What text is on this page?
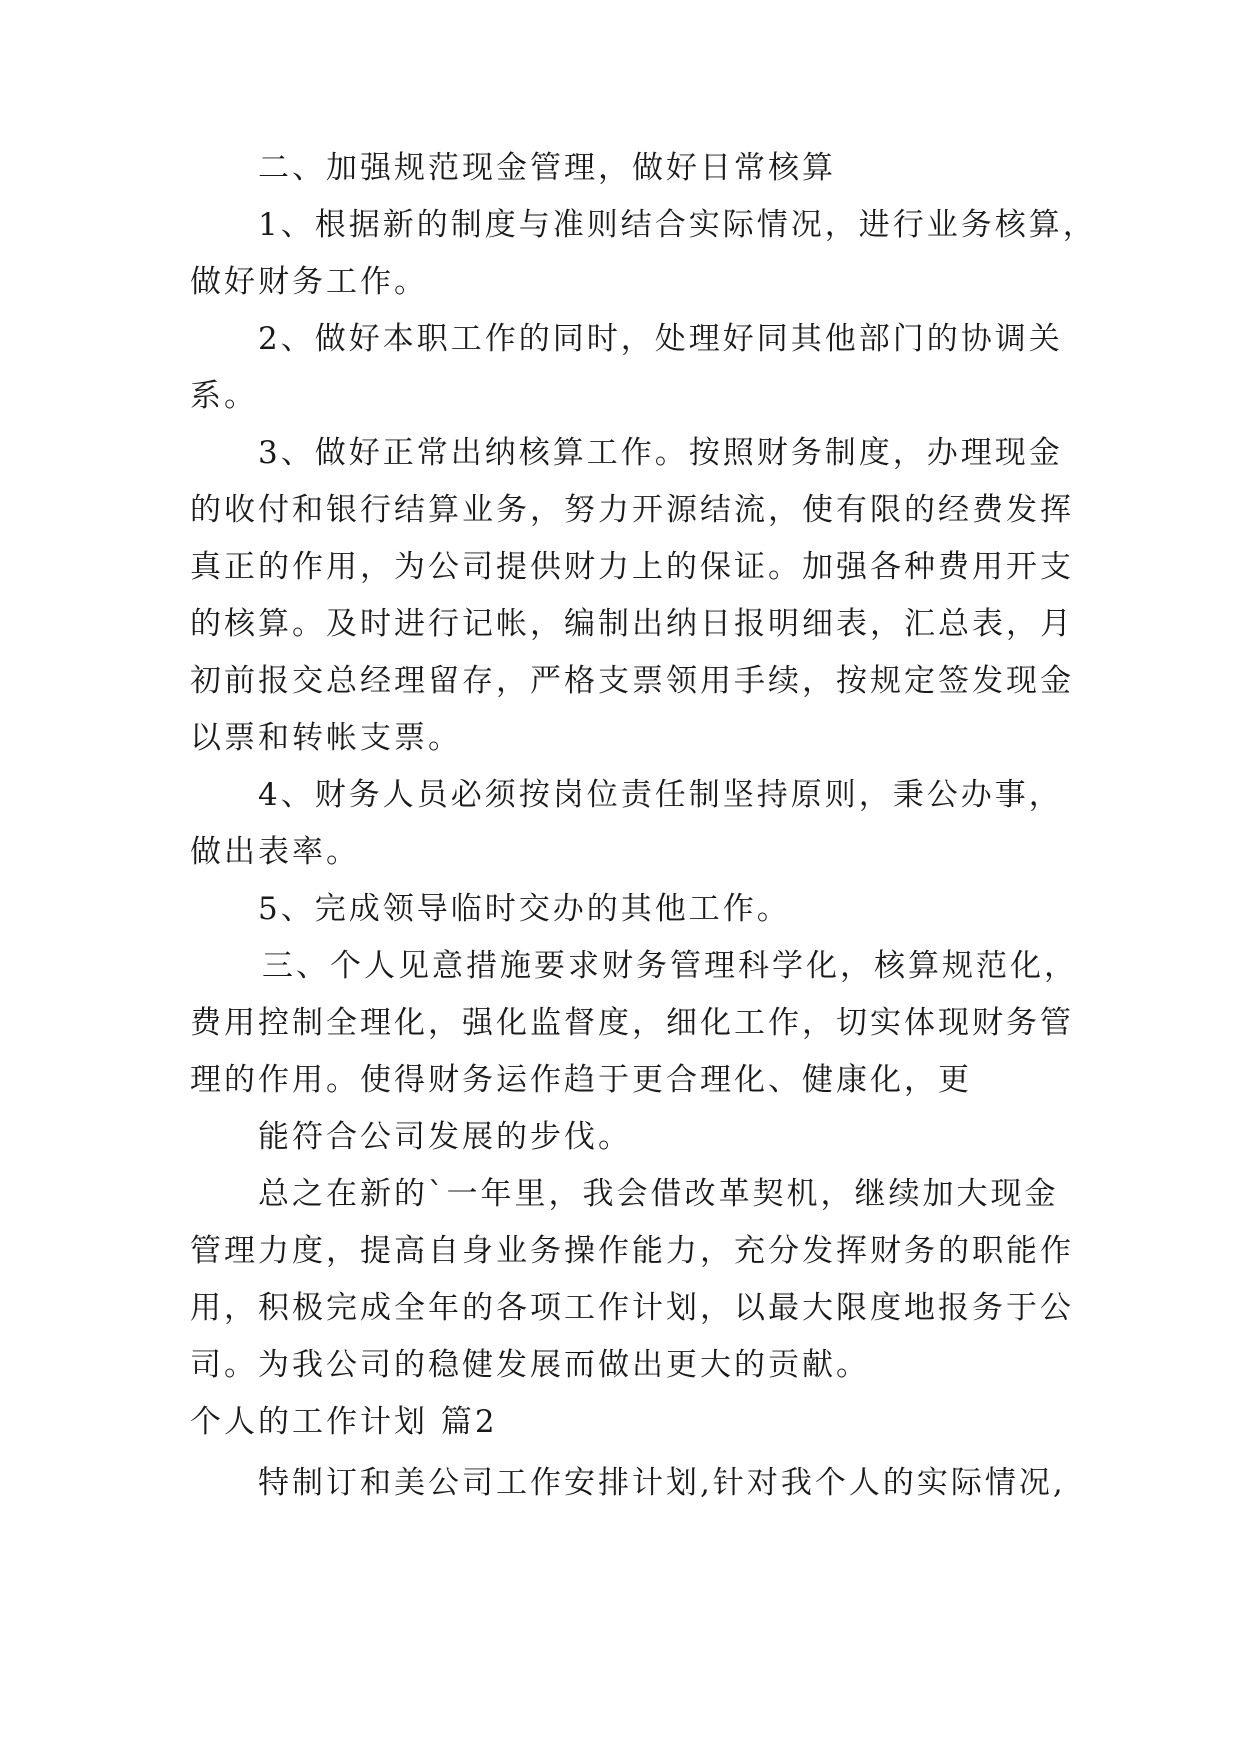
二、加强规范现金管理，做好日常核算
1、根据新的制度与准则结合实际情况，进行业务核算，
做好财务工作。
2、做好本职工作的同时，处理好同其他部门的协调关
系。
3、做好正常出纳核算工作。按照财务制度，办理现金
的收付和银行结算业务，努力开源结流，使有限的经费发挥
真正的作用，为公司提供财力上的保证。加强各种费用开支
的核算。及时进行记帐，编制出纳日报明细表，汇总表，月
初前报交总经理留存，严格支票领用手续，按规定签发现金
以票和转帐支票。
4、财务人员必须按岗位责任制坚持原则，秉公办事，
做出表率。
5、完成领导临时交办的其他工作。
三、个人见意措施要求财务管理科学化，核算规范化，
费用控制全理化，强化监督度，细化工作，切实体现财务管
理的作用。使得财务运作趋于更合理化、健康化，更
能符合公司发展的步伐。
总之在新的`一年里，我会借改革契机，继续加大现金
管理力度，提高自身业务操作能力，充分发挥财务的职能作
用，积极完成全年的各项工作计划，以最大限度地报务于公
司。为我公司的稳健发展而做出更大的贡献。
个人的工作计划 篇2
特制订和美公司工作安排计划,针对我个人的实际情况,
